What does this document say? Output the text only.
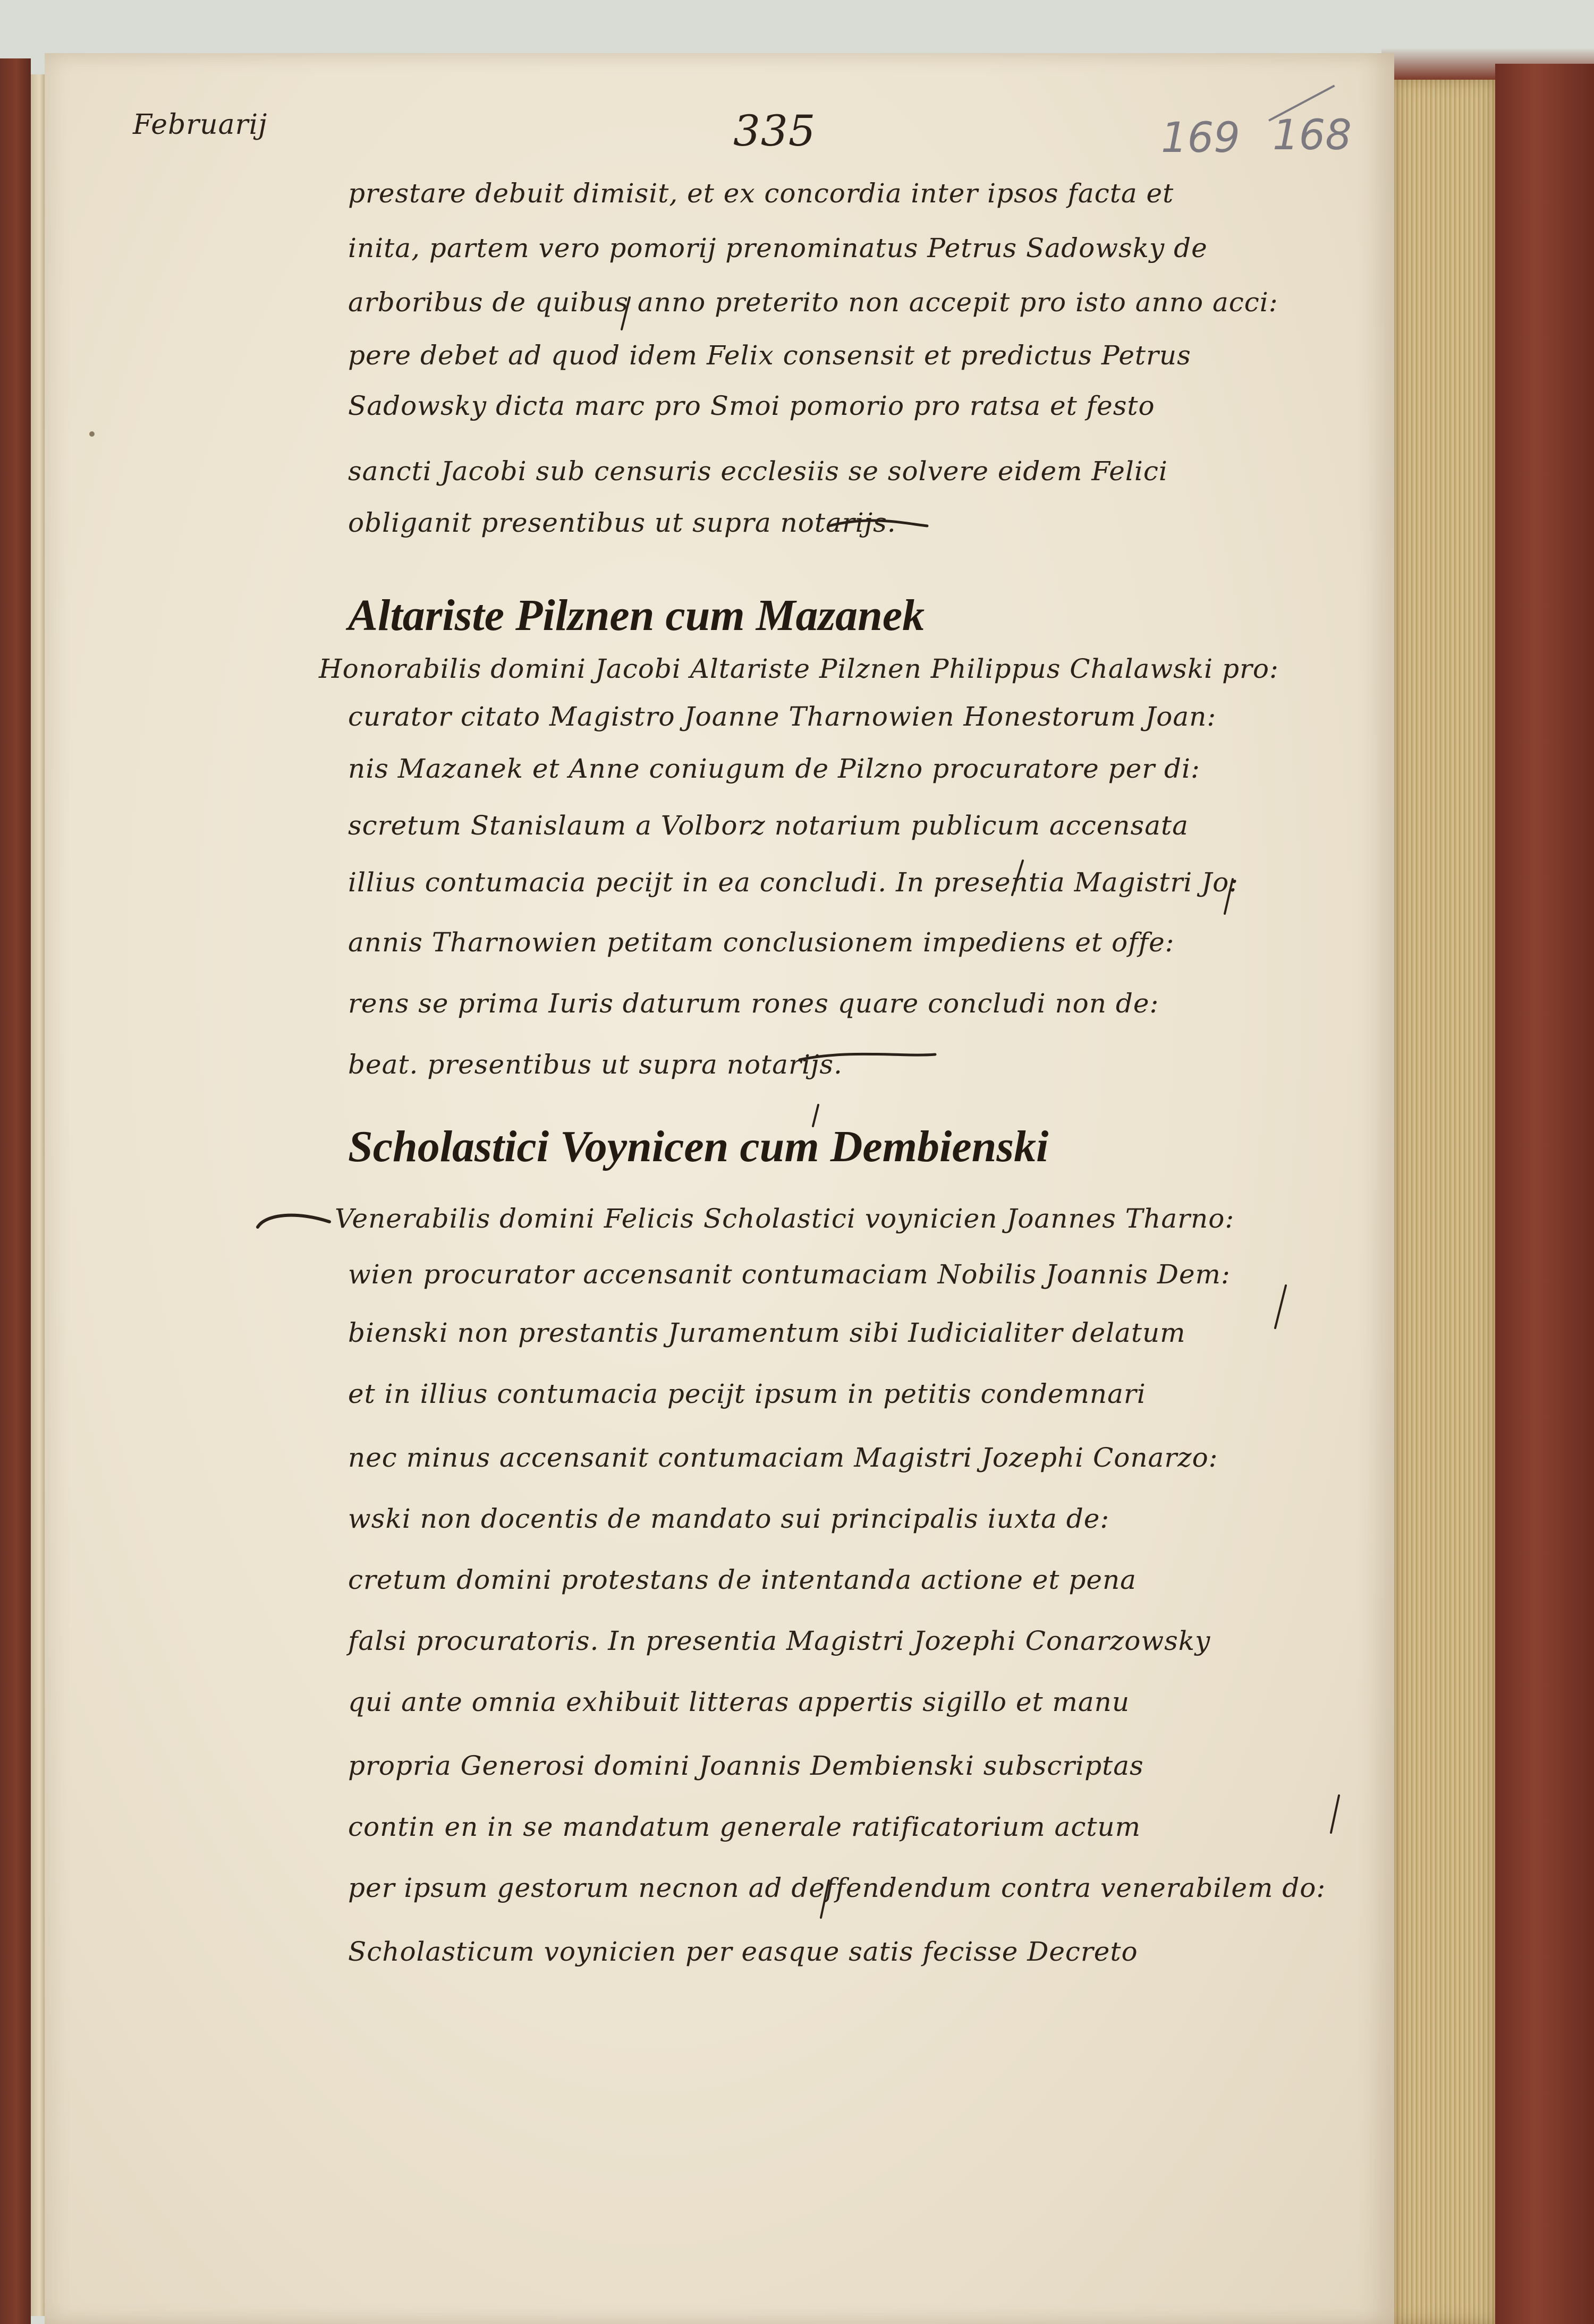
Februarij	335	169 168
prestare debuit dimisit, et ex concordia inter ipsos facta et
inita, partem vero pomorij prenominatus Petrus Sadowsky de
arboribus de quibus anno preterito non accepit pro isto anno acci:
pere debet ad quod idem Felix consensit et predictus Petrus
Sadowsky dicta marc pro Smoi pomorio pro ratsa et festo
sancti Jacobi sub censuris ecclesiis se solvere eidem Felici
obliganit presentibus ut supra notarijs.
Altariste Pilznen cum Mazanek
Honorabilis domini Jacobi Altariste Pilznen Philippus Chalawski pro:
curator citato Magistro Joanne Tharnowien Honestorum Joan:
nis Mazanek et Anne coniugum de Pilzno procuratore per di:
scretum Stanislaum a Volborz notarium publicum accensata
illius contumacia pecijt in ea concludi. In presentia Magistri Jo:
annis Tharnowien petitam conclusionem impediens et offe:
rens se prima Iuris daturum rones quare concludi non de:
beat. presentibus ut supra notarijs.
Scholastici Voynicen cum Dembienski
Venerabilis domini Felicis Scholastici voynicien Joannes Tharno:
wien procurator accensanit contumaciam Nobilis Joannis Dem:
bienski non prestantis Juramentum sibi Iudicialiter delatum
et in illius contumacia pecijt ipsum in petitis condemnari
nec minus accensanit contumaciam Magistri Jozephi Conarzo:
wski non docentis de mandato sui principalis iuxta de:
cretum domini protestans de intentanda actione et pena
falsi procuratoris. In presentia Magistri Jozephi Conarzowsky
qui ante omnia exhibuit litteras appertis sigillo et manu
propria Generosi domini Joannis Dembienski subscriptas
contin en in se mandatum generale ratificatorium actum
per ipsum gestorum necnon ad deffendendum contra venerabilem do:
Scholasticum voynicien per easque satis fecisse Decreto
